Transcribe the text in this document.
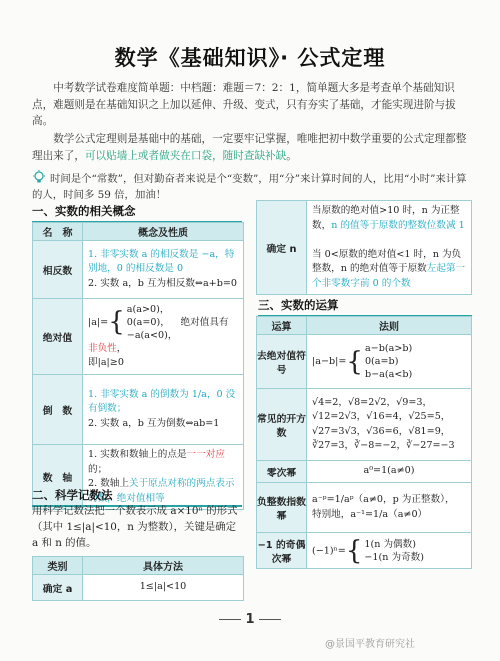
数学《基础知识》· 公式定理
中考数学试卷难度简单题：中档题：难题＝7：2：1，简单题大多是考查单个基础知识点，难题则是在基础知识之上加以延伸、升级、变式，只有夯实了基础，才能实现进阶与拔高。
数学公式定理则是基础中的基础，一定要牢记掌握，唯唯把初中数学重要的公式定理都整理出来了，可以贴墙上或者做夹在口袋，随时查缺补缺。
时间是个“常数”，但对勤奋者来说是个“变数”，用“分”来计算时间的人，比用“小时”来计算的人，时间多 59 倍，加油！
一、实数的相关概念
名　称	概念及性质
相反数	1. 非零实数 a 的相反数是 −a，特别地，0 的相反数是 0
2. 实数 a，b 互为相反数⇔a+b=0
绝对值	|a|={ a(a>0)，
0(a=0)，
−a(a<0)， 绝对值具有非负性，
即|a|≥0
倒　数	1. 非零实数 a 的倒数为 1/a，0 没有倒数；
2. 实数 a，b 互为倒数⇔ab=1
数　轴	1. 实数和数轴上的点是一一对应的；
2. 数轴上关于原点对称的两点表示的数，绝对值相等
二、科学记数法
用科学记数法把一个数表示成 a×10ⁿ 的形式（其中 1≤|a|<10，n 为整数），关键是确定 a 和 n 的值。
类别	具体方法
确定 a	1≤|a|<10
确定 n	当原数的绝对值>10 时，n 为正整数，n 的值等于原数的整数位数减 1

当 0<原数的绝对值<1 时，n 为负整数，n 的绝对值等于原数左起第一个非零数字前 0 的个数
三、实数的运算
运算	法则
去绝对值符号	|a−b|={ a−b(a>b)
0(a=b)
b−a(a<b)
常见的开方数	√4=2，√8=2√2，√9=3，
√12=2√3，√16=4，√25=5，
√27=3√3，√36=6，√81=9，
∛27=3，∛−8=−2，∛−27=−3
零次幂	a⁰=1(a≠0)
负整数指数幂	a⁻ᵖ=1/aᵖ（a≠0，p 为正整数），
特别地，a⁻¹=1/a（a≠0）
−1 的奇偶次幂	(−1)ⁿ={ 1(n 为偶数)
−1(n 为奇数)
1
@景国平教育研究社
